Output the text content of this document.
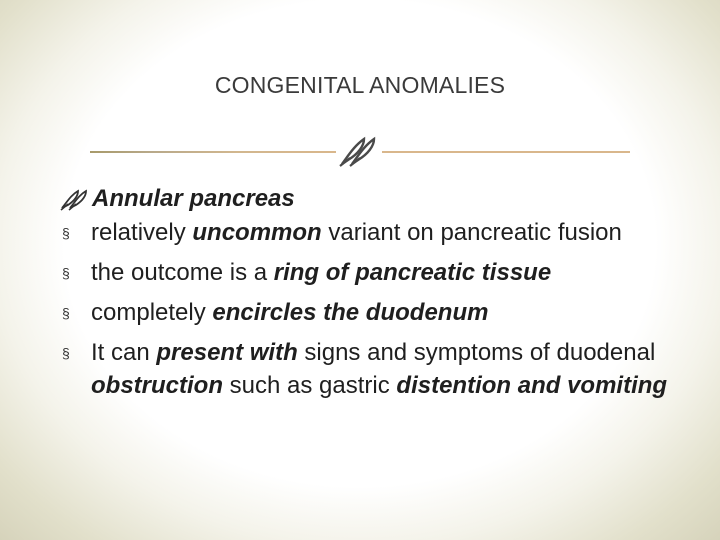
CONGENITAL ANOMALIES
Annular pancreas
§ relatively uncommon variant on pancreatic fusion
§ the outcome is a ring of pancreatic tissue
§ completely encircles the duodenum
§ It can present with signs and symptoms of duodenal obstruction such as gastric distention and vomiting
